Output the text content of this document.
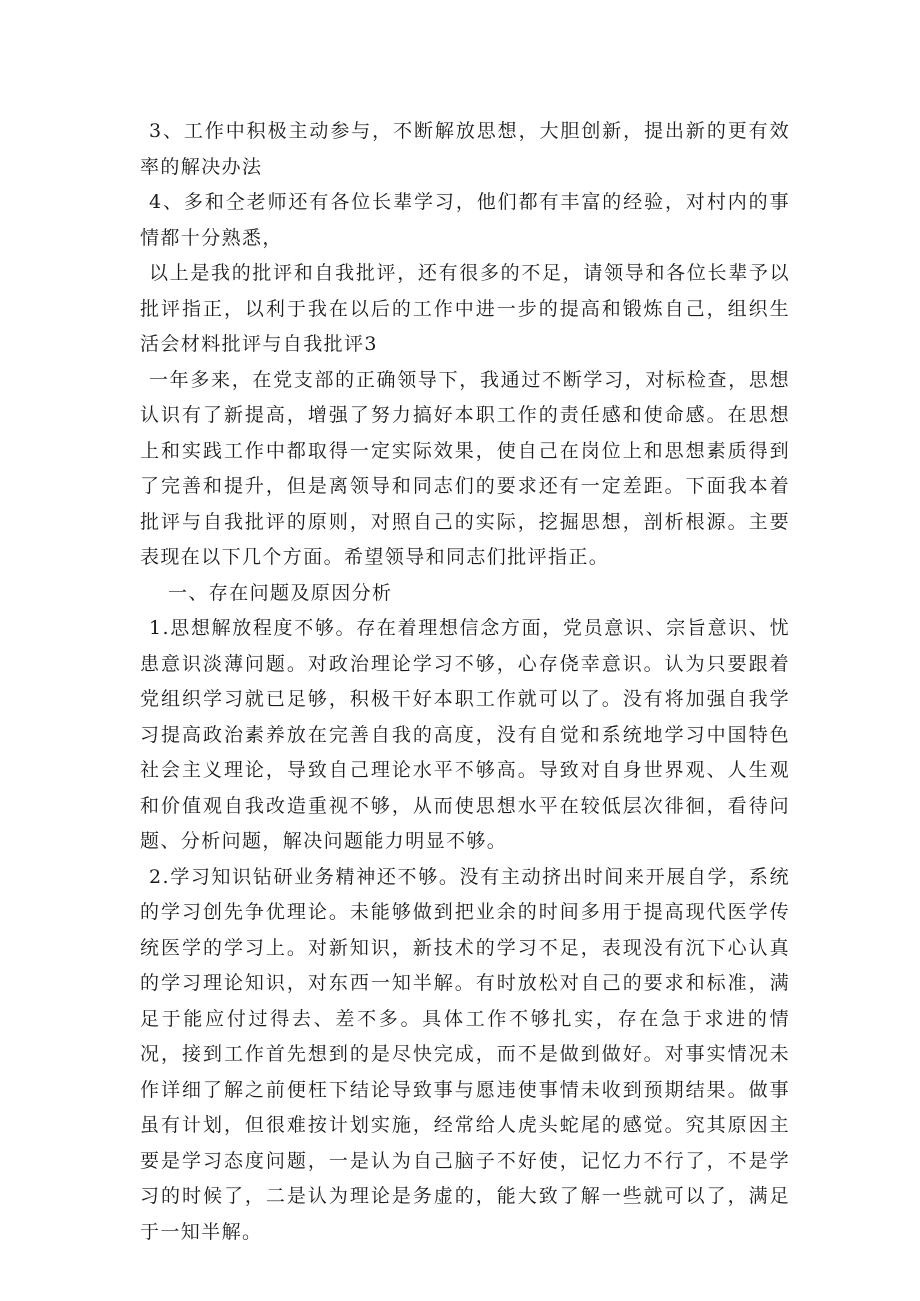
3、工作中积极主动参与，不断解放思想，大胆创新，提出新的更有效率的解决办法

4、多和仝老师还有各位长辈学习，他们都有丰富的经验，对村内的事情都十分熟悉，

以上是我的批评和自我批评，还有很多的不足，请领导和各位长辈予以批评指正，以利于我在以后的工作中进一步的提高和锻炼自己，组织生活会材料批评与自我批评3

一年多来，在党支部的正确领导下，我通过不断学习，对标检查，思想认识有了新提高，增强了努力搞好本职工作的责任感和使命感。在思想上和实践工作中都取得一定实际效果，使自己在岗位上和思想素质得到了完善和提升，但是离领导和同志们的要求还有一定差距。下面我本着批评与自我批评的原则，对照自己的实际，挖掘思想，剖析根源。主要表现在以下几个方面。希望领导和同志们批评指正。

一、存在问题及原因分析

1.思想解放程度不够。存在着理想信念方面，党员意识、宗旨意识、忧患意识淡薄问题。对政治理论学习不够，心存侥幸意识。认为只要跟着党组织学习就已足够，积极干好本职工作就可以了。没有将加强自我学习提高政治素养放在完善自我的高度，没有自觉和系统地学习中国特色社会主义理论，导致自己理论水平不够高。导致对自身世界观、人生观和价值观自我改造重视不够，从而使思想水平在较低层次徘徊，看待问题、分析问题，解决问题能力明显不够。

2.学习知识钻研业务精神还不够。没有主动挤出时间来开展自学，系统的学习创先争优理论。未能够做到把业余的时间多用于提高现代医学传统医学的学习上。对新知识，新技术的学习不足，表现没有沉下心认真的学习理论知识，对东西一知半解。有时放松对自己的要求和标准，满足于能应付过得去、差不多。具体工作不够扎实，存在急于求进的情况，接到工作首先想到的是尽快完成，而不是做到做好。对事实情况未作详细了解之前便枉下结论导致事与愿违使事情未收到预期结果。做事虽有计划，但很难按计划实施，经常给人虎头蛇尾的感觉。究其原因主要是学习态度问题，一是认为自己脑子不好使，记忆力不行了，不是学习的时候了，二是认为理论是务虚的，能大致了解一些就可以了，满足于一知半解。
